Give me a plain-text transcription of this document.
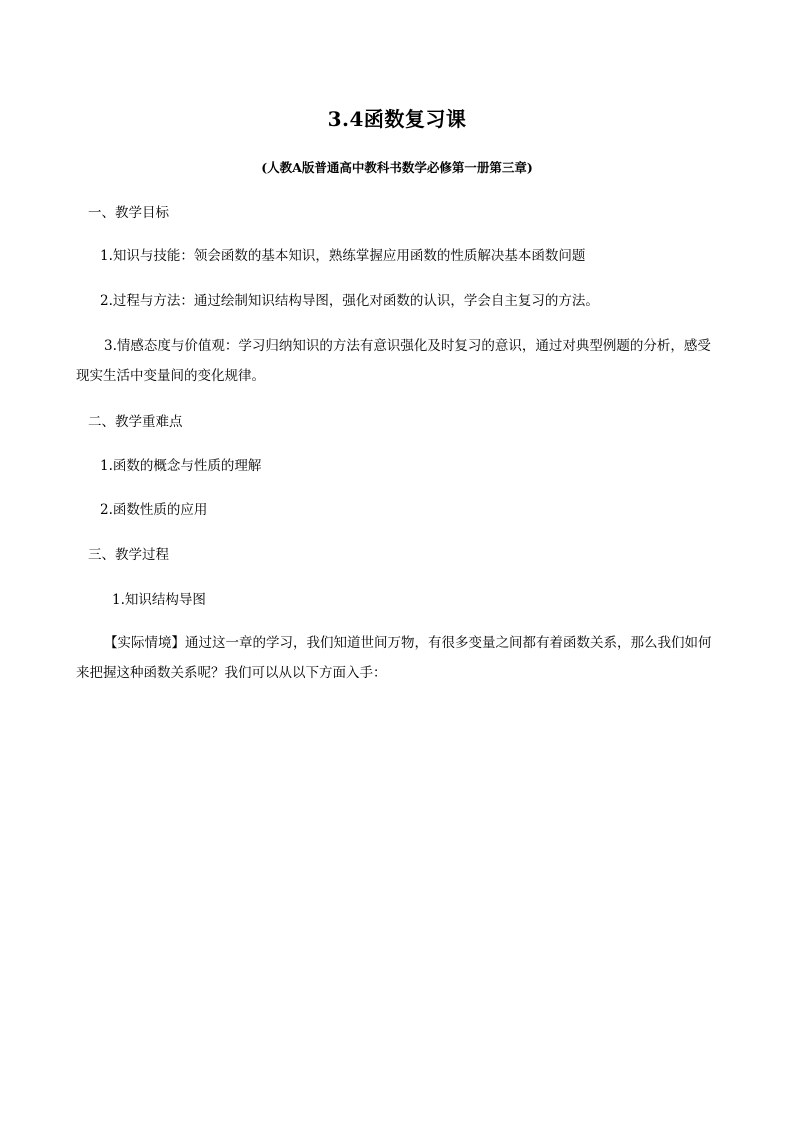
3.4函数复习课
(人教A版普通高中教科书数学必修第一册第三章)
一、教学目标
1.知识与技能：领会函数的基本知识，熟练掌握应用函数的性质解决基本函数问题
2.过程与方法：通过绘制知识结构导图，强化对函数的认识，学会自主复习的方法。
3.情感态度与价值观：学习归纳知识的方法有意识强化及时复习的意识，通过对典型例题的分析，感受现实生活中变量间的变化规律。
二、教学重难点
1.函数的概念与性质的理解
2.函数性质的应用
三、教学过程
1.知识结构导图
【实际情境】通过这一章的学习，我们知道世间万物，有很多变量之间都有着函数关系，那么我们如何来把握这种函数关系呢？我们可以从以下方面入手：
